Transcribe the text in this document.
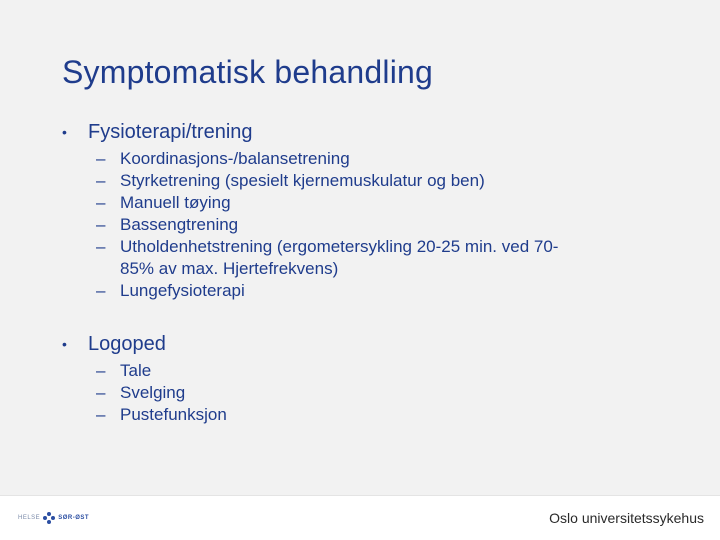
Symptomatisk behandling
• Fysioterapi/trening
– Koordinasjons-/balansetrening
– Styrketrening (spesielt kjernemuskulatur og ben)
– Manuell tøying
– Bassengtrening
– Utholdenhetstrening (ergometersykling 20-25 min. ved 70-
85% av max. Hjertefrekvens)
– Lungefysioterapi
• Logoped
– Tale
– Svelging
– Pustefunksjon
HELSE	SØR-ØST	Oslo universitetssykehus
